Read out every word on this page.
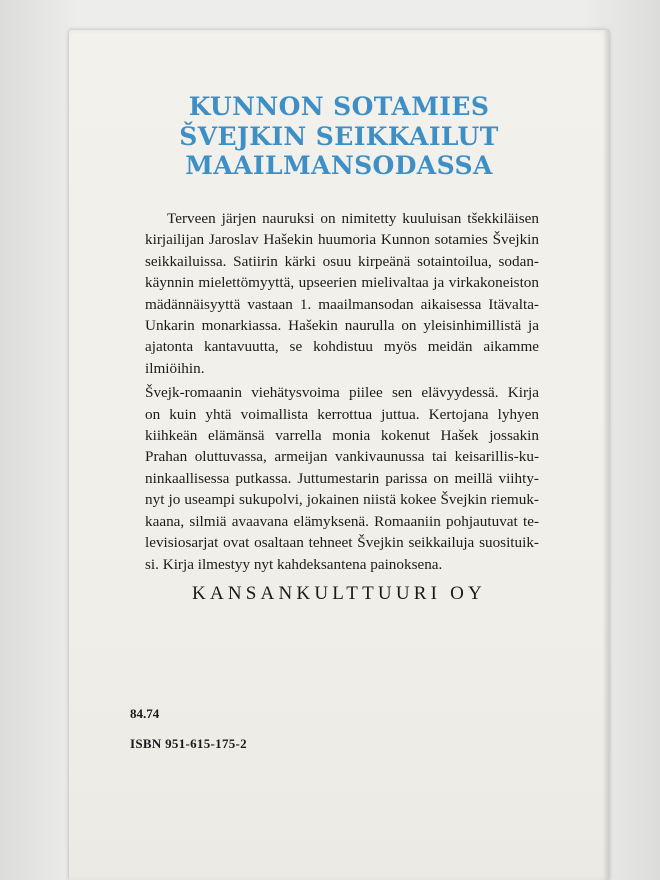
KUNNON SOTAMIES
ŠVEJKIN SEIKKAILUT
MAAILMANSODASSA
Terveen järjen nauruksi on nimitetty kuuluisan tšekkiläisen
kirjailijan Jaroslav Hašekin huumoria Kunnon sotamies Švejkin
seikkailuissa. Satiirin kärki osuu kirpeänä sotaintoilua, sodan-
käynnin mielettömyyttä, upseerien mielivaltaa ja virkakoneiston
mädännäisyyttä vastaan 1. maailmansodan aikaisessa Itävalta-
Unkarin monarkiassa. Hašekin naurulla on yleisinhimillistä ja
ajatonta kantavuutta, se kohdistuu myös meidän aikamme
ilmiöihin.
Švejk-romaanin viehätysvoima piilee sen elävyydessä. Kirja
on kuin yhtä voimallista kerrottua juttua. Kertojana lyhyen
kiihkeän elämänsä varrella monia kokenut Hašek jossakin
Prahan oluttuvassa, armeijan vankivaunussa tai keisarillis-ku-
ninkaallisessa putkassa. Juttumestarin parissa on meillä viihty-
nyt jo useampi sukupolvi, jokainen niistä kokee Švejkin riemuk-
kaana, silmiä avaavana elämyksenä. Romaaniin pohjautuvat te-
levisiosarjat ovat osaltaan tehneet Švejkin seikkailuja suosituik-
si. Kirja ilmestyy nyt kahdeksantena painoksena.
KANSANKULTTUURI OY
84.74
ISBN 951-615-175-2
